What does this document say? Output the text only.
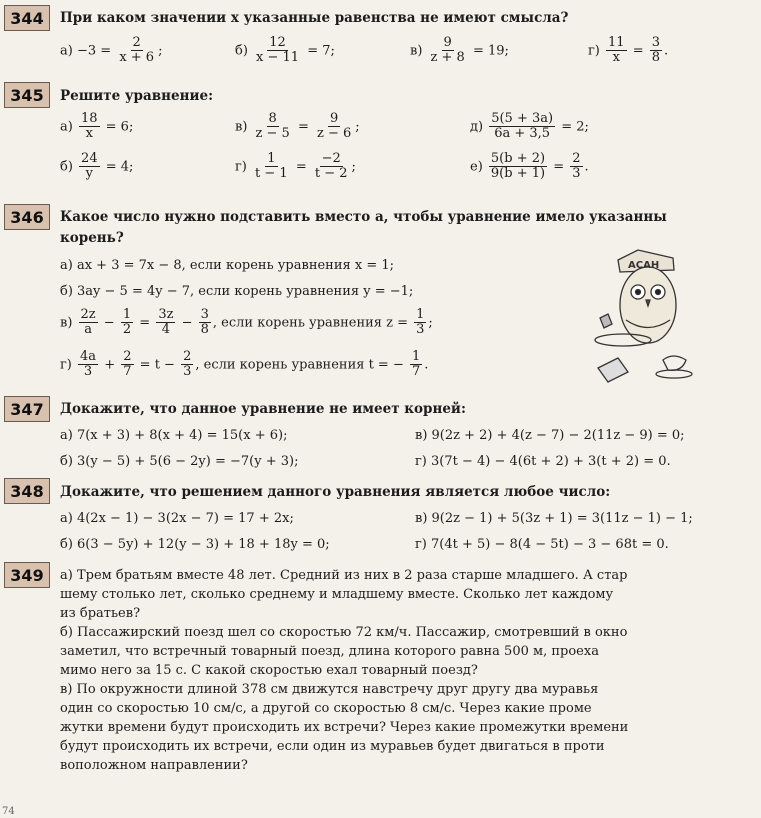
344	При каком значении x указанные равенства не имеют смысла?
$а) -3 = \frac{2}{x + 6}$ ;	$б) \frac{12}{x - 11} = 7$;	$в) \frac{9}{z + 8} = 19$;	$г) \frac{11}{x} = \frac{3}{8}$ .
345	Решите уравнение:
$а) \frac{18}{x} = 6$;
$б) \frac{24}{y} = 4$;
$в) \frac{8}{z - 5} = \frac{9}{z - 6}$ ;
$г) \frac{1}{t - 1} = \frac{-2}{t - 2}$ ;
$д) \frac{5(5 + 3a)}{6a + 3,5} = 2$;
$е) \frac{5(b + 2)}{9(b + 1)} = \frac{2}{3}$ .
346	Какое число нужно подставить вместо a, чтобы уравнение имело указанны
корень?
а) ax + 3 = 7x − 8, если корень уравнения x = 1;
б) 3ay − 5 = 4y − 7, если корень уравнения y = −1;
$в) \frac{2z}{a} - \frac{1}{2} = \frac{3z}{4} - \frac{3}{8}$ , если корень уравнения $z = \frac{1}{3}$ ;
$г) \frac{4a}{3} + \frac{2}{7} = t - \frac{2}{3}$ , если корень уравнения t = − $\frac{1}{7}$ .
АСАН
347	Докажите, что данное уравнение не имеет корней:
а) 7(x + 3) + 8(x + 4) = 15(x + 6);
б) 3(y − 5) + 5(6 − 2y) = −7(y + 3);
в) 9(2z + 2) + 4(z − 7) − 2(11z − 9) = 0;
г) 3(7t − 4) − 4(6t + 2) + 3(t + 2) = 0.
348	Докажите, что решением данного уравнения является любое число:
а) 4(2x − 1) − 3(2x − 7) = 17 + 2x;
б) 6(3 − 5y) + 12(y − 3) + 18 + 18y = 0;
в) 9(2z − 1) + 5(3z + 1) = 3(11z − 1) − 1;
г) 7(4t + 5) − 8(4 − 5t) − 3 − 68t = 0.
349	а) Трем братьям вместе 48 лет. Средний из них в 2 раза старше младшего. А стар
шему столько лет, сколько среднему и младшему вместе. Сколько лет каждому
из братьев?
б) Пассажирский поезд шел со скоростью 72 км/ч. Пассажир, смотревший в окно
заметил, что встречный товарный поезд, длина которого равна 500 м, проеха
мимо него за 15 с. С какой скоростью ехал товарный поезд?
в) По окружности длиной 378 см движутся навстречу друг другу два муравья
один со скоростью 10 см/с, а другой со скоростью 8 см/с. Через какие проме
жутки времени будут происходить их встречи? Через какие промежутки времени
будут происходить их встречи, если один из муравьев будет двигаться в проти
воположном направлении?
74
